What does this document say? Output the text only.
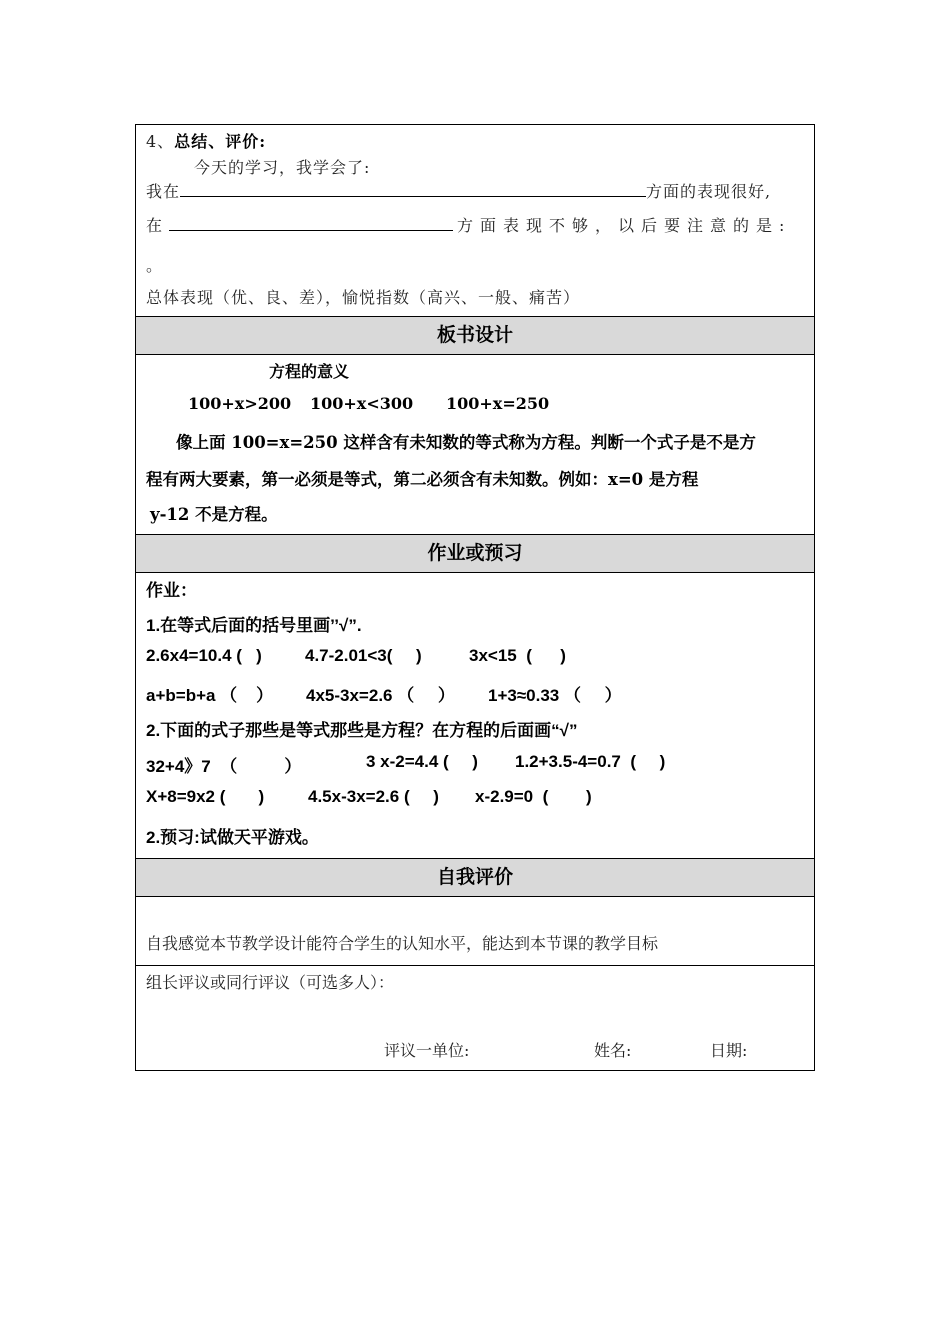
4、总结、评价:
今天的学习，我学会了:
我在	方面的表现很好,
在	方面表现不够，以后要注意的是:
。
总体表现（优、良、差），愉悦指数（高兴、一般、痛苦）
板书设计
方程的意义
100+x>200 100+x<300 100+x=250
像上面 100=x=250 这样含有未知数的等式称为方程。判断一个式子是不是方
程有两大要素，第一必须是等式，第二必须含有未知数。例如：x=0 是方程
y-12 不是方程。
作业或预习
作业：
1.在等式后面的括号里画’’√”.
2.6x4=10.4 (   )	4.7-2.01<3(     )	3x<15  (      )
a+b=b+a （    ） 4x5-3x=2.6 （     ） 1+3≈0.33 （     ）
2.下面的式子那些是等式那些是方程？在方程的后面画“√”
32+4》7  （          ）	3 x-2=4.4 (     ) 1.2+3.5-4=0.7  (     )
X+8=9x2 (       )	4.5x-3x=2.6 (     ) x-2.9=0  (        )
2.预习:试做天平游戏。
自我评价
自我感觉本节教学设计能符合学生的认知水平，能达到本节课的教学目标
组长评议或同行评议（可选多人）：
评议一单位:	姓名:	日期:
